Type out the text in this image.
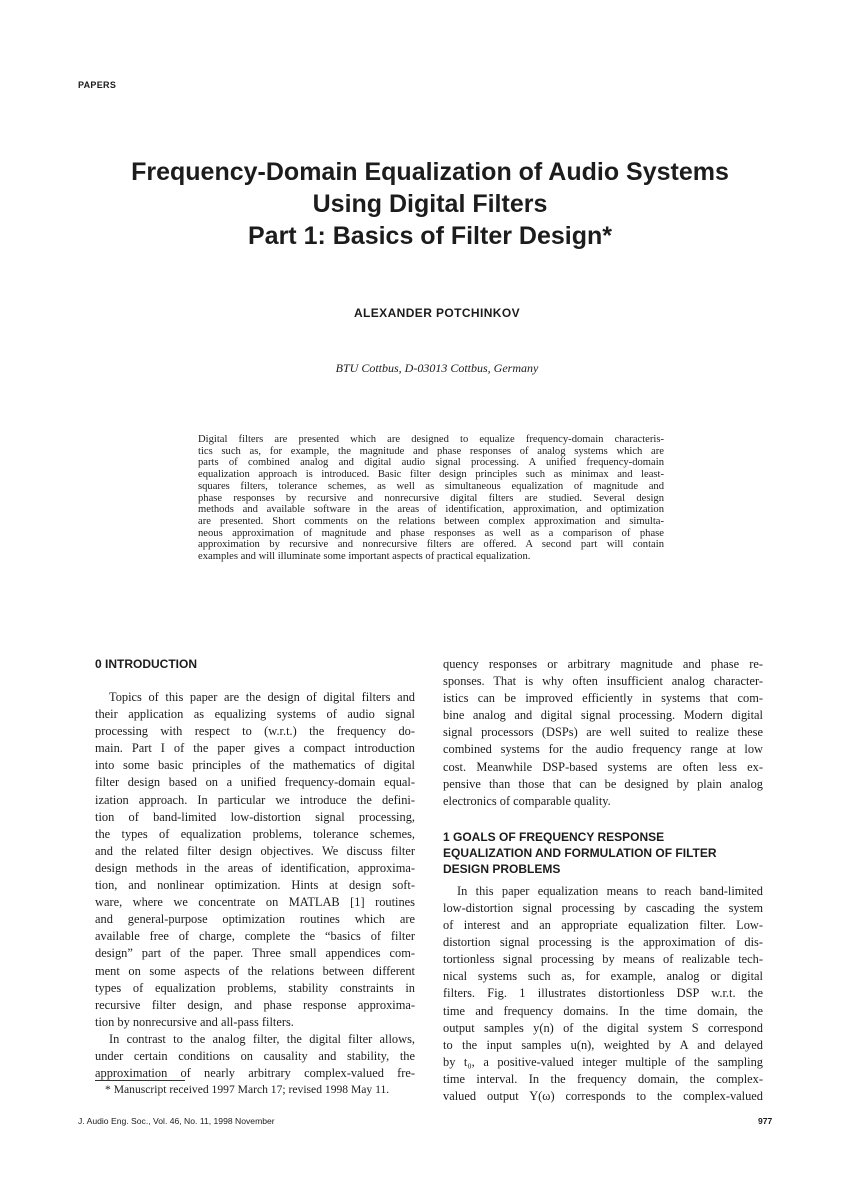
PAPERS
Frequency-Domain Equalization of Audio Systems
Using Digital Filters
Part 1: Basics of Filter Design*
ALEXANDER POTCHINKOV
BTU Cottbus, D-03013 Cottbus, Germany

Digital filters are presented which are designed to equalize frequency-domain characteris-

tics such as, for example, the magnitude and phase responses of analog systems which are

parts of combined analog and digital audio signal processing. A unified frequency-domain

equalization approach is introduced. Basic filter design principles such as minimax and least-

squares filters, tolerance schemes, as well as simultaneous equalization of magnitude and

phase responses by recursive and nonrecursive digital filters are studied. Several design

methods and available software in the areas of identification, approximation, and optimization

are presented. Short comments on the relations between complex approximation and simulta-

neous approximation of magnitude and phase responses as well as a comparison of phase

approximation by recursive and nonrecursive filters are offered. A second part will contain

examples and will illuminate some important aspects of practical equalization.

0 INTRODUCTION

Topics of this paper are the design of digital filters and
their application as equalizing systems of audio signal
processing with respect to (w.r.t.) the frequency do-
main. Part I of the paper gives a compact introduction
into some basic principles of the mathematics of digital
filter design based on a unified frequency-domain equal-
ization approach. In particular we introduce the defini-
tion of band-limited low-distortion signal processing,
the types of equalization problems, tolerance schemes,
and the related filter design objectives. We discuss filter
design methods in the areas of identification, approxima-
tion, and nonlinear optimization. Hints at design soft-
ware, where we concentrate on MATLAB [1] routines
and general-purpose optimization routines which are
available free of charge, complete the “basics of filter
design” part of the paper. Three small appendices com-
ment on some aspects of the relations between different
types of equalization problems, stability constraints in
recursive filter design, and phase response approxima-
tion by nonrecursive and all-pass filters.

In contrast to the analog filter, the digital filter allows,
under certain conditions on causality and stability, the
approximation of nearly arbitrary complex-valued fre-

quency responses or arbitrary magnitude and phase re-
sponses. That is why often insufficient analog character-
istics can be improved efficiently in systems that com-
bine analog and digital signal processing. Modern digital
signal processors (DSPs) are well suited to realize these
combined systems for the audio frequency range at low
cost. Meanwhile DSP-based systems are often less ex-
pensive than those that can be designed by plain analog
electronics of comparable quality.

1 GOALS OF FREQUENCY RESPONSE
EQUALIZATION AND FORMULATION OF FILTER
DESIGN PROBLEMS

In this paper equalization means to reach band-limited
low-distortion signal processing by cascading the system
of interest and an appropriate equalization filter. Low-
distortion signal processing is the approximation of dis-
tortionless signal processing by means of realizable tech-
nical systems such as, for example, analog or digital
filters. Fig. 1 illustrates distortionless DSP w.r.t. the
time and frequency domains. In the time domain, the
output samples y(n) of the digital system S correspond
to the input samples u(n), weighted by A and delayed
by t₀, a positive-valued integer multiple of the sampling
time interval. In the frequency domain, the complex-
valued output Y(ω) corresponds to the complex-valued

* Manuscript received 1997 March 17; revised 1998 May 11.
J. Audio Eng. Soc., Vol. 46, No. 11, 1998 November	977
